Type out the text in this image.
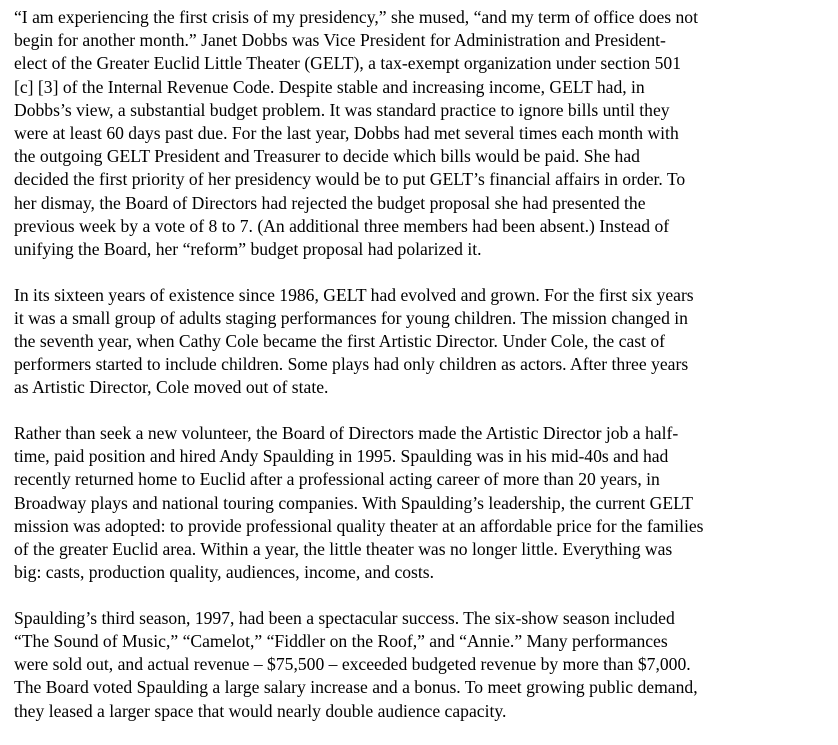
“I am experiencing the first crisis of my presidency,” she mused, “and my term of office does not
begin for another month.” Janet Dobbs was Vice President for Administration and President-
elect of the Greater Euclid Little Theater (GELT), a tax-exempt organization under section 501
[c] [3] of the Internal Revenue Code. Despite stable and increasing income, GELT had, in
Dobbs’s view, a substantial budget problem. It was standard practice to ignore bills until they
were at least 60 days past due. For the last year, Dobbs had met several times each month with
the outgoing GELT President and Treasurer to decide which bills would be paid. She had
decided the first priority of her presidency would be to put GELT’s financial affairs in order. To
her dismay, the Board of Directors had rejected the budget proposal she had presented the
previous week by a vote of 8 to 7. (An additional three members had been absent.) Instead of
unifying the Board, her “reform” budget proposal had polarized it.

In its sixteen years of existence since 1986, GELT had evolved and grown. For the first six years
it was a small group of adults staging performances for young children. The mission changed in
the seventh year, when Cathy Cole became the first Artistic Director. Under Cole, the cast of
performers started to include children. Some plays had only children as actors. After three years
as Artistic Director, Cole moved out of state.

Rather than seek a new volunteer, the Board of Directors made the Artistic Director job a half-
time, paid position and hired Andy Spaulding in 1995. Spaulding was in his mid-40s and had
recently returned home to Euclid after a professional acting career of more than 20 years, in
Broadway plays and national touring companies. With Spaulding’s leadership, the current GELT
mission was adopted: to provide professional quality theater at an affordable price for the families
of the greater Euclid area. Within a year, the little theater was no longer little. Everything was
big: casts, production quality, audiences, income, and costs.

Spaulding’s third season, 1997, had been a spectacular success. The six-show season included
“The Sound of Music,” “Camelot,” “Fiddler on the Roof,” and “Annie.” Many performances
were sold out, and actual revenue – $75,500 – exceeded budgeted revenue by more than $7,000.
The Board voted Spaulding a large salary increase and a bonus. To meet growing public demand,
they leased a larger space that would nearly double audience capacity.
